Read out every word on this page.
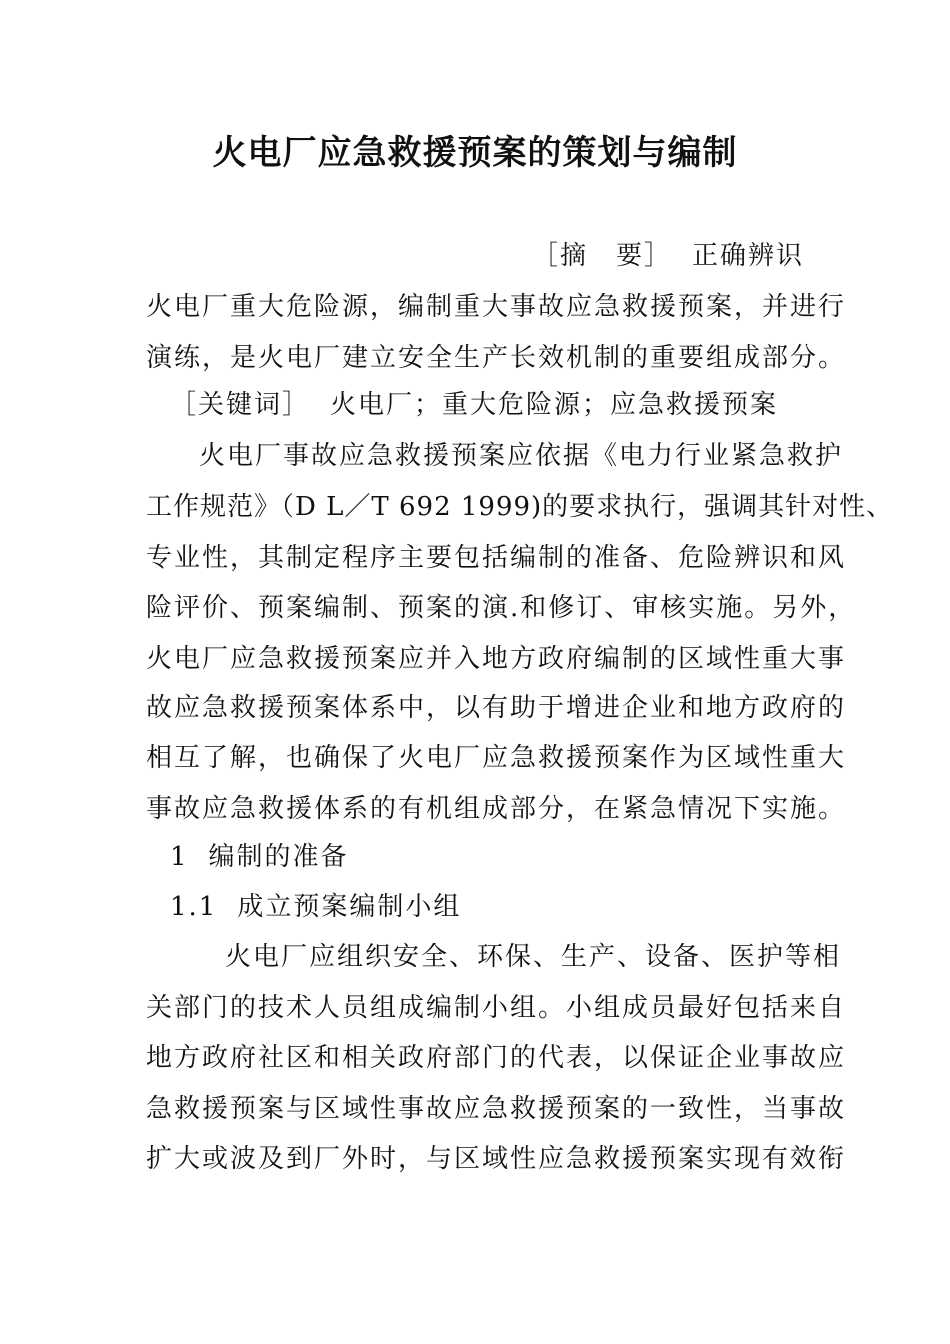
火电厂应急救援预案的策划与编制
［摘　要］ 正确辨识
火电厂重大危险源，编制重大事故应急救援预案，并进行
演练，是火电厂建立安全生产长效机制的重要组成部分。
［关键词］ 火电厂；重大危险源；应急救援预案
火电厂事故应急救援预案应依据《电力行业紧急救护
工作规范》（D L／T 692 1999)的要求执行，强调其针对性、
专业性，其制定程序主要包括编制的准备、危险辨识和风
险评价、预案编制、预案的演.和修订、审核实施。另外，
火电厂应急救援预案应并入地方政府编制的区域性重大事
故应急救援预案体系中，以有助于增进企业和地方政府的
相互了解，也确保了火电厂应急救援预案作为区域性重大
事故应急救援体系的有机组成部分，在紧急情况下实施。
1 编制的准备
1.1 成立预案编制小组
火电厂应组织安全、环保、生产、设备、医护等相
关部门的技术人员组成编制小组。小组成员最好包括来自
地方政府社区和相关政府部门的代表，以保证企业事故应
急救援预案与区域性事故应急救援预案的一致性，当事故
扩大或波及到厂外时，与区域性应急救援预案实现有效衔
